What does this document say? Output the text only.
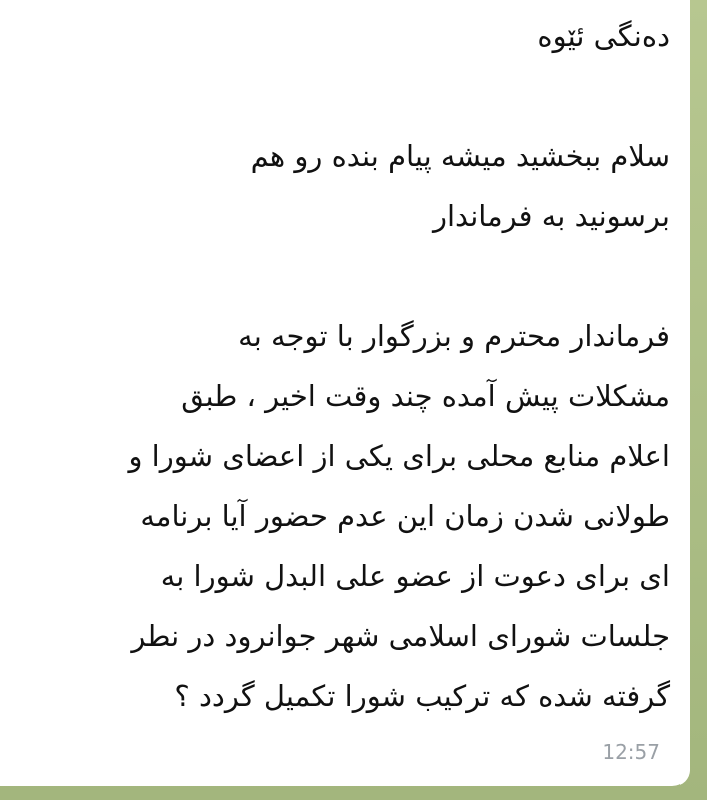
دەنگی ئێوە

سلام ببخشید میشه پیام بنده رو هم
برسونید به فرماندار

فرماندار محترم و بزرگوار با توجه به
مشکلات پیش آمده چند وقت اخیر ، طبق
اعلام منابع محلی برای یکی از اعضای شورا و
طولانی شدن زمان این عدم حضور آیا برنامه
ای برای دعوت از عضو علی البدل شورا به
جلسات شورای اسلامی شهر جوانرود در نطر
گرفته شده که ترکیب شورا تکمیل گردد ؟
12:57
